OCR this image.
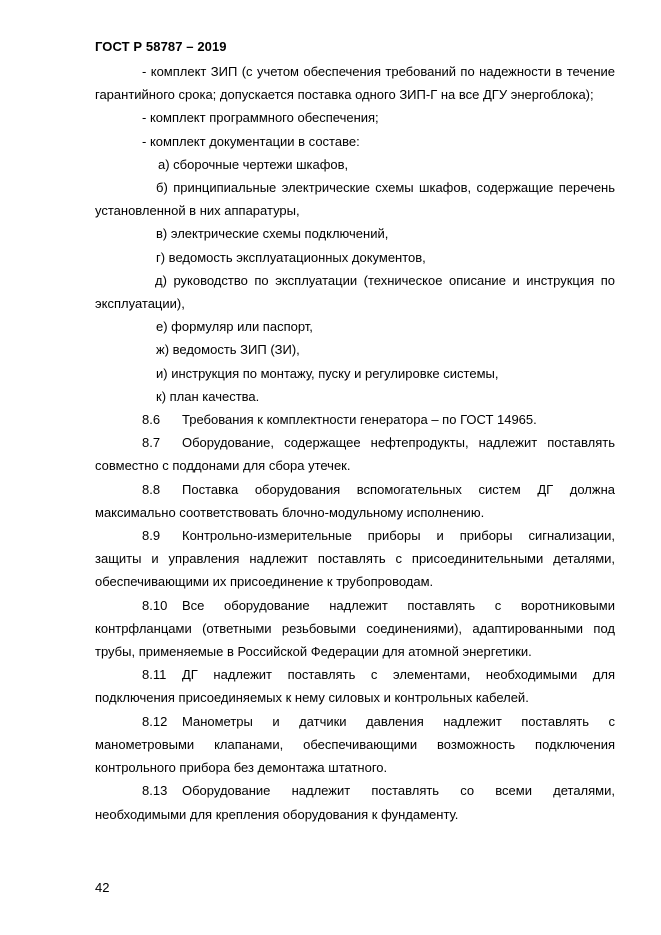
ГОСТ Р 58787 – 2019

- комплект ЗИП (с учетом обеспечения требований по надежности в течение гарантийного срока; допускается поставка одного ЗИП-Г на все ДГУ энергоблока);

- комплект программного обеспечения;

- комплект документации в составе:

а) сборочные чертежи шкафов,

б) принципиальные электрические схемы шкафов, содержащие перечень установленной в них аппаратуры,

в) электрические схемы подключений,

г) ведомость эксплуатационных документов,

д) руководство по эксплуатации (техническое описание и инструкция по эксплуатации),

е) формуляр или паспорт,

ж) ведомость ЗИП (ЗИ),

и) инструкция по монтажу, пуску и регулировке системы,

к) план качества.

8.6 Требования к комплектности генератора – по ГОСТ 14965.

8.7 Оборудование, содержащее нефтепродукты, надлежит поставлять совместно с поддонами для сбора утечек.

8.8 Поставка оборудования вспомогательных систем ДГ должна максимально соответствовать блочно-модульному исполнению.

8.9 Контрольно-измерительные приборы и приборы сигнализации, защиты и управления надлежит поставлять с присоединительными деталями, обеспечивающими их присоединение к трубопроводам.

8.10 Все оборудование надлежит поставлять с воротниковыми контрфланцами (ответными резьбовыми соединениями), адаптированными под трубы, применяемые в Российской Федерации для атомной энергетики.

8.11 ДГ надлежит поставлять с элементами, необходимыми для подключения присоединяемых к нему силовых и контрольных кабелей.

8.12 Манометры и датчики давления надлежит поставлять с манометровыми клапанами, обеспечивающими возможность подключения контрольного прибора без демонтажа штатного.

8.13 Оборудование надлежит поставлять со всеми деталями, необходимыми для крепления оборудования к фундаменту.

42
